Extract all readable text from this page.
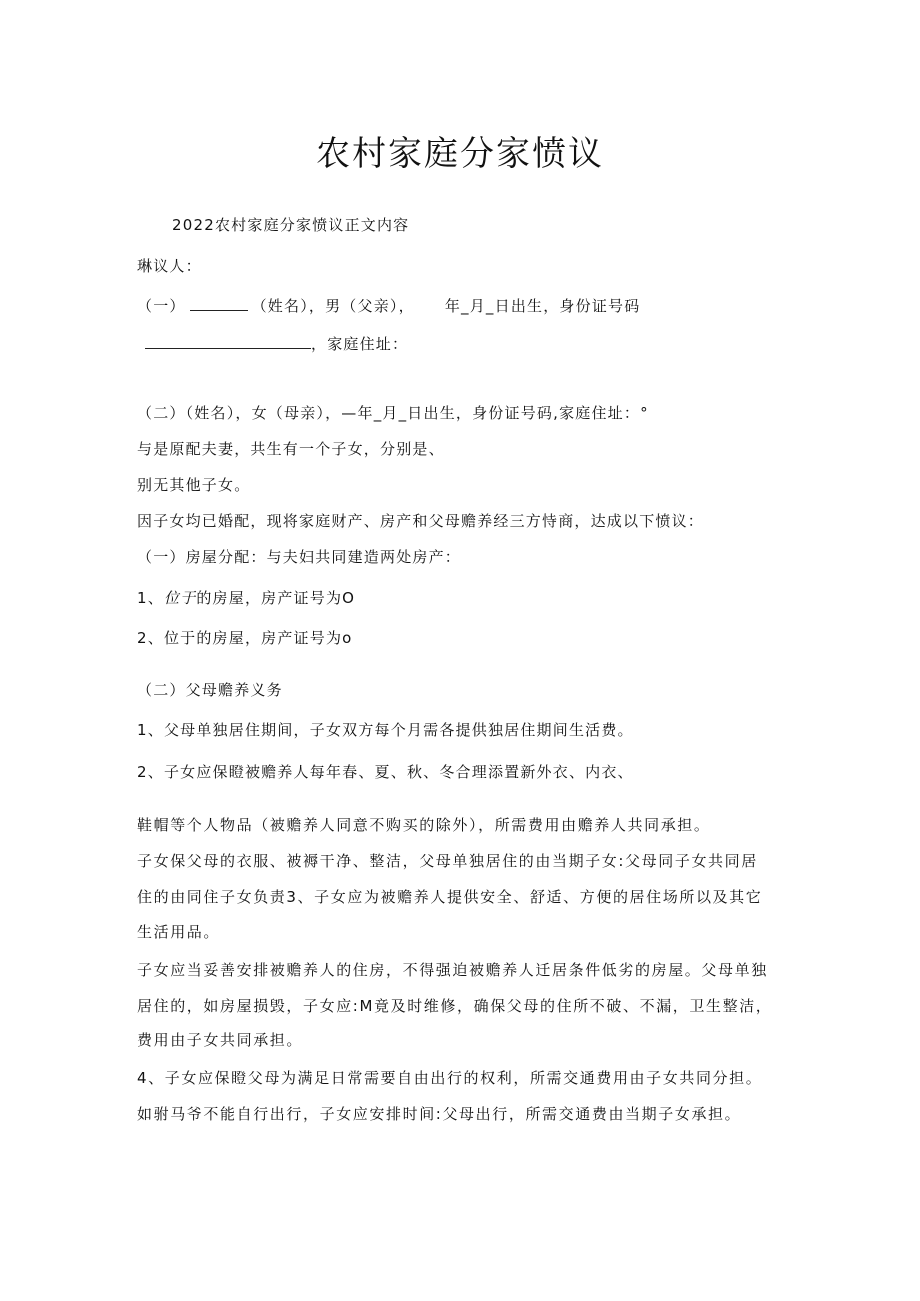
农村家庭分家愤议
2022农村家庭分家愤议正文内容
琳议人：
（一）	（姓名），男（父亲）， 年_月_日出生，身份证号码
，家庭住址：
（二）（姓名），女（母亲），—年_月_日出生，身份证号码,家庭住址：°
与是原配夫妻，共生有一个子女，分别是、
别无其他子女。
因子女均已婚配，现将家庭财产、房产和父母赡养经三方恃商，达成以下愤议：
（一）房屋分配：与夫妇共同建造两处房产：
1、位于的房屋，房产证号为O
2、位于的房屋，房产证号为o
（二）父母赡养义务
1、父母单独居住期间，子女双方每个月需各提供独居住期间生活费。
2、子女应保瞪被赡养人每年春、夏、秋、冬合理添置新外衣、内衣、
鞋帽等个人物品（被赡养人同意不购买的除外），所需费用由赡养人共同承担。
子女保父母的衣服、被褥干净、整洁，父母单独居住的由当期子女:父母同子女共同居
住的由同住子女负责3、子女应为被赡养人提供安全、舒适、方便的居住场所以及其它
生活用品。
子女应当妥善安排被赡养人的住房，不得强迫被赡养人迁居条件低劣的房屋。父母单独
居住的，如房屋损毁，子女应:M竟及时维修，确保父母的住所不破、不漏，卫生整洁，
费用由子女共同承担。
4、子女应保瞪父母为满足日常需要自由出行的权利，所需交通费用由子女共同分担。
如驸马爷不能自行出行，子女应安排时间:父母出行，所需交通费由当期子女承担。
